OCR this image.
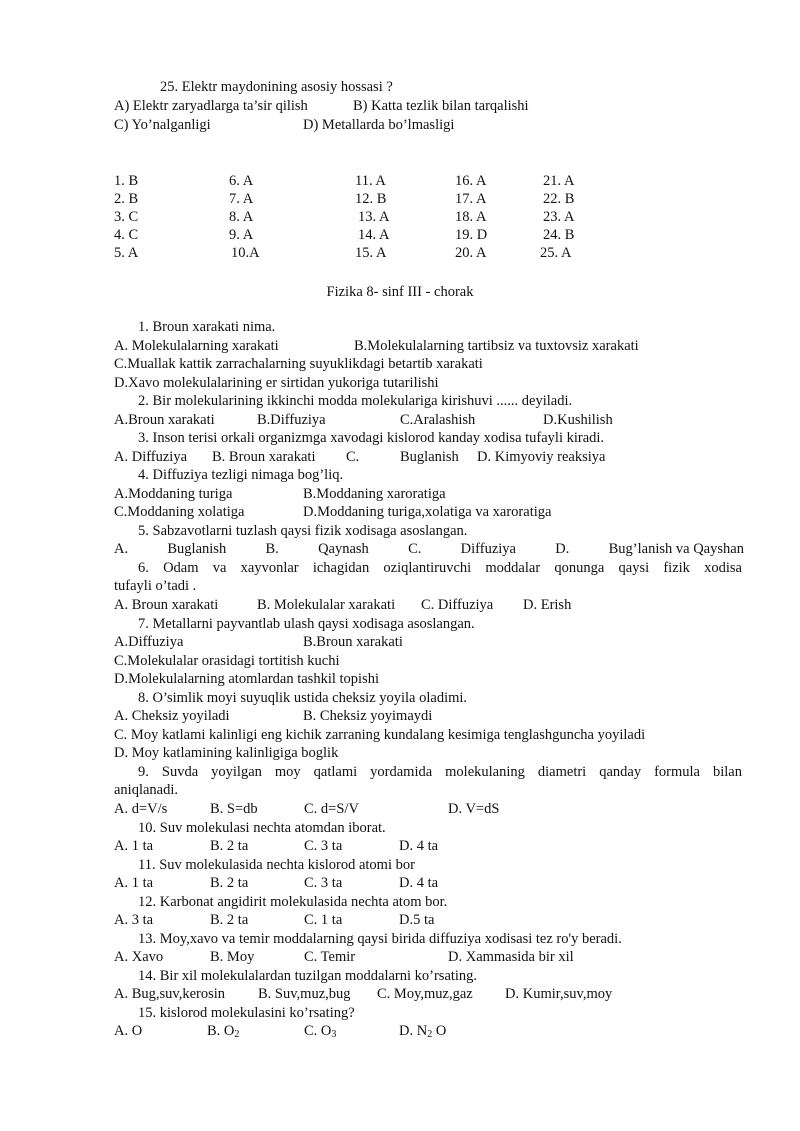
25. Elektr maydonining asosiy hossasi ?
A) Elektr zaryadlarga ta’sir qilish	B) Katta tezlik bilan tarqalishi
C) Yo’nalganligi	D) Metallarda bo’lmasligi
1. B	6. A	11. A	16. A	21. A
2. B	7. A	12. B	17. A	22. B
3. C	8. A	13. A	18. A	23. A
4. C	9. A	14. A	19. D	24. B
5. A	10.A	15. A	20. A	25. A
Fizika 8- sinf III - chorak
1. Broun xarakati nima.
A. Molekulalarning xarakati	B.Molekulalarning tartibsiz va tuxtovsiz xarakati
C.Muallak kattik zarrachalarning suyuklikdagi betartib xarakati
D.Xavo molekulalarining er sirtidan yukoriga tutarilishi
2. Bir molekularining ikkinchi modda molekulariga kirishuvi ...... deyiladi.
A.Broun xarakati	B.Diffuziya	C.Aralashish	D.Kushilish
3. Inson terisi orkali organizmga xavodagi kislorod kanday xodisa tufayli kiradi.
A. Diffuziya B. Broun xarakati C.	Buglanish D. Kimyoviy reaksiya
4. Diffuziya tezligi nimaga bog’liq.
A.Moddaning turiga	B.Moddaning xaroratiga
C.Moddaning xolatiga	D.Moddaning turiga,xolatiga va xaroratiga
5. Sabzavotlarni tuzlash qaysi fizik xodisaga asoslangan.
A.	Buglanish	B.	Qaynash	C.	Diffuziya	D.	Bug’lanish va Qayshan
6. Odam va xayvonlar ichagidan oziqlantiruvchi moddalar qonunga qaysi fizik xodisa
tufayli o’tadi .
A. Broun xarakati	B. Molekulalar xarakati C. Diffuziya D. Erish
7. Metallarni payvantlab ulash qaysi xodisaga asoslangan.
A.Diffuziya	B.Broun xarakati
C.Molekulalar orasidagi tortitish kuchi
D.Molekulalarning atomlardan tashkil topishi
8. O’simlik moyi suyuqlik ustida cheksiz yoyila oladimi.
A. Cheksiz yoyiladi	B. Cheksiz yoyimaydi
C. Moy katlami kalinligi eng kichik zarraning kundalang kesimiga tenglashguncha yoyiladi
D. Moy katlamining kalinligiga boglik
9. Suvda yoyilgan moy qatlami yordamida molekulaning diametri qanday formula bilan
aniqlanadi.
A. d=V/s	B. S=db	C. d=S/V	D. V=dS
10. Suv molekulasi nechta atomdan iborat.
A. 1 ta	B. 2 ta	C. 3 ta	D. 4 ta
11. Suv molekulasida nechta kislorod atomi bor
A. 1 ta	B. 2 ta	C. 3 ta	D. 4 ta
12. Karbonat angidirit molekulasida nechta atom bor.
A. 3 ta	B. 2 ta	C. 1 ta	D.5 ta
13. Moy,xavo va temir moddalarning qaysi birida diffuziya xodisasi tez ro'y beradi.
A. Xavo	B. Moy	C. Temir	D. Xammasida bir xil
14. Bir xil molekulalardan tuzilgan moddalarni ko’rsating.
A. Bug,suv,kerosin B. Suv,muz,bug C. Moy,muz,gaz D. Kumir,suv,moy
15. kislorod molekulasini ko’rsating?
A. O	B. $O_2$	C. $O_3$	D. $N_2$ O
